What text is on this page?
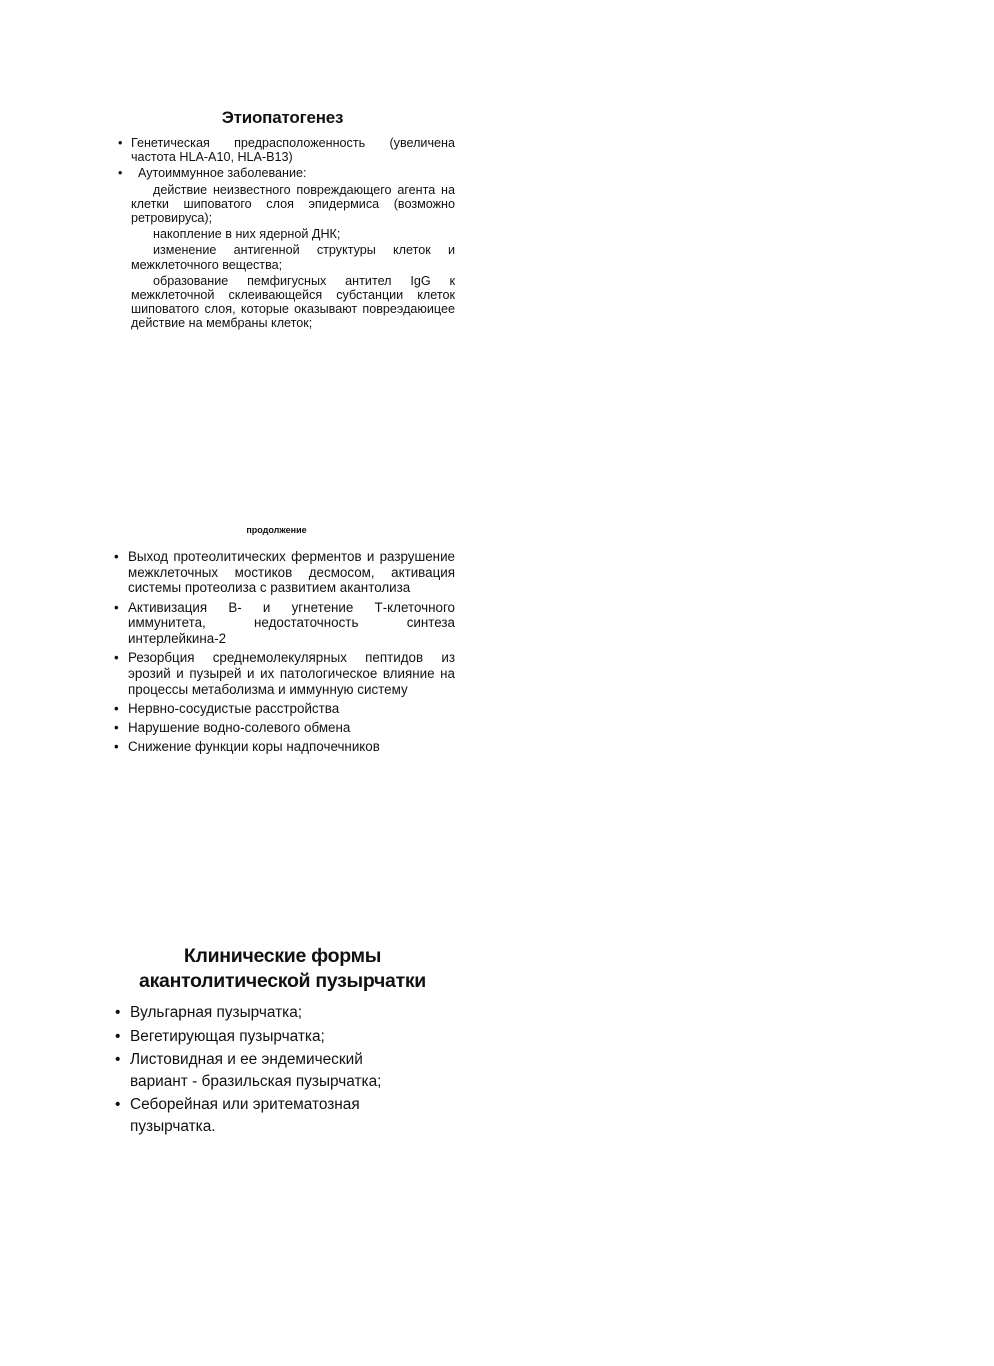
Этиопатогенез
• Генетическая предрасположенность (увеличена частота HLA-A10, HLA-B13)
• Аутоиммунное заболевание:

действие неизвестного повреждающего агента на клетки шиповатого слоя эпидермиса (возможно ретровируса);

накопление в них ядерной ДНК;

изменение антигенной структуры клеток и межклеточного вещества;

образование пемфигусных антител IgG к межклеточной склеивающейся субстанции клеток шиповатого слоя, которые оказывают повреэдаюицее действие на мембраны клеток;

продолжение
• Выход протеолитических ферментов и разрушение межклеточных мостиков десмосом, активация системы протеолиза с развитием акантолиза
• Активизация В- и угнетение Т-клеточного иммунитета, недостаточность синтеза интерлейкина-2
• Резорбция среднемолекулярных пептидов из эрозий и пузырей и их патологическое влияние на процессы метаболизма и иммунную систему
• Нервно-сосудистые расстройства
• Нарушение водно-солевого обмена
• Снижение функции коры надпочечников
Клинические формы
акантолитической пузырчатки
• Вульгарная пузырчатка;
• Вегетирующая пузырчатка;
• Листовидная и ее эндемический вариант - бразильская пузырчатка;
• Себорейная или эритематозная пузырчатка.
